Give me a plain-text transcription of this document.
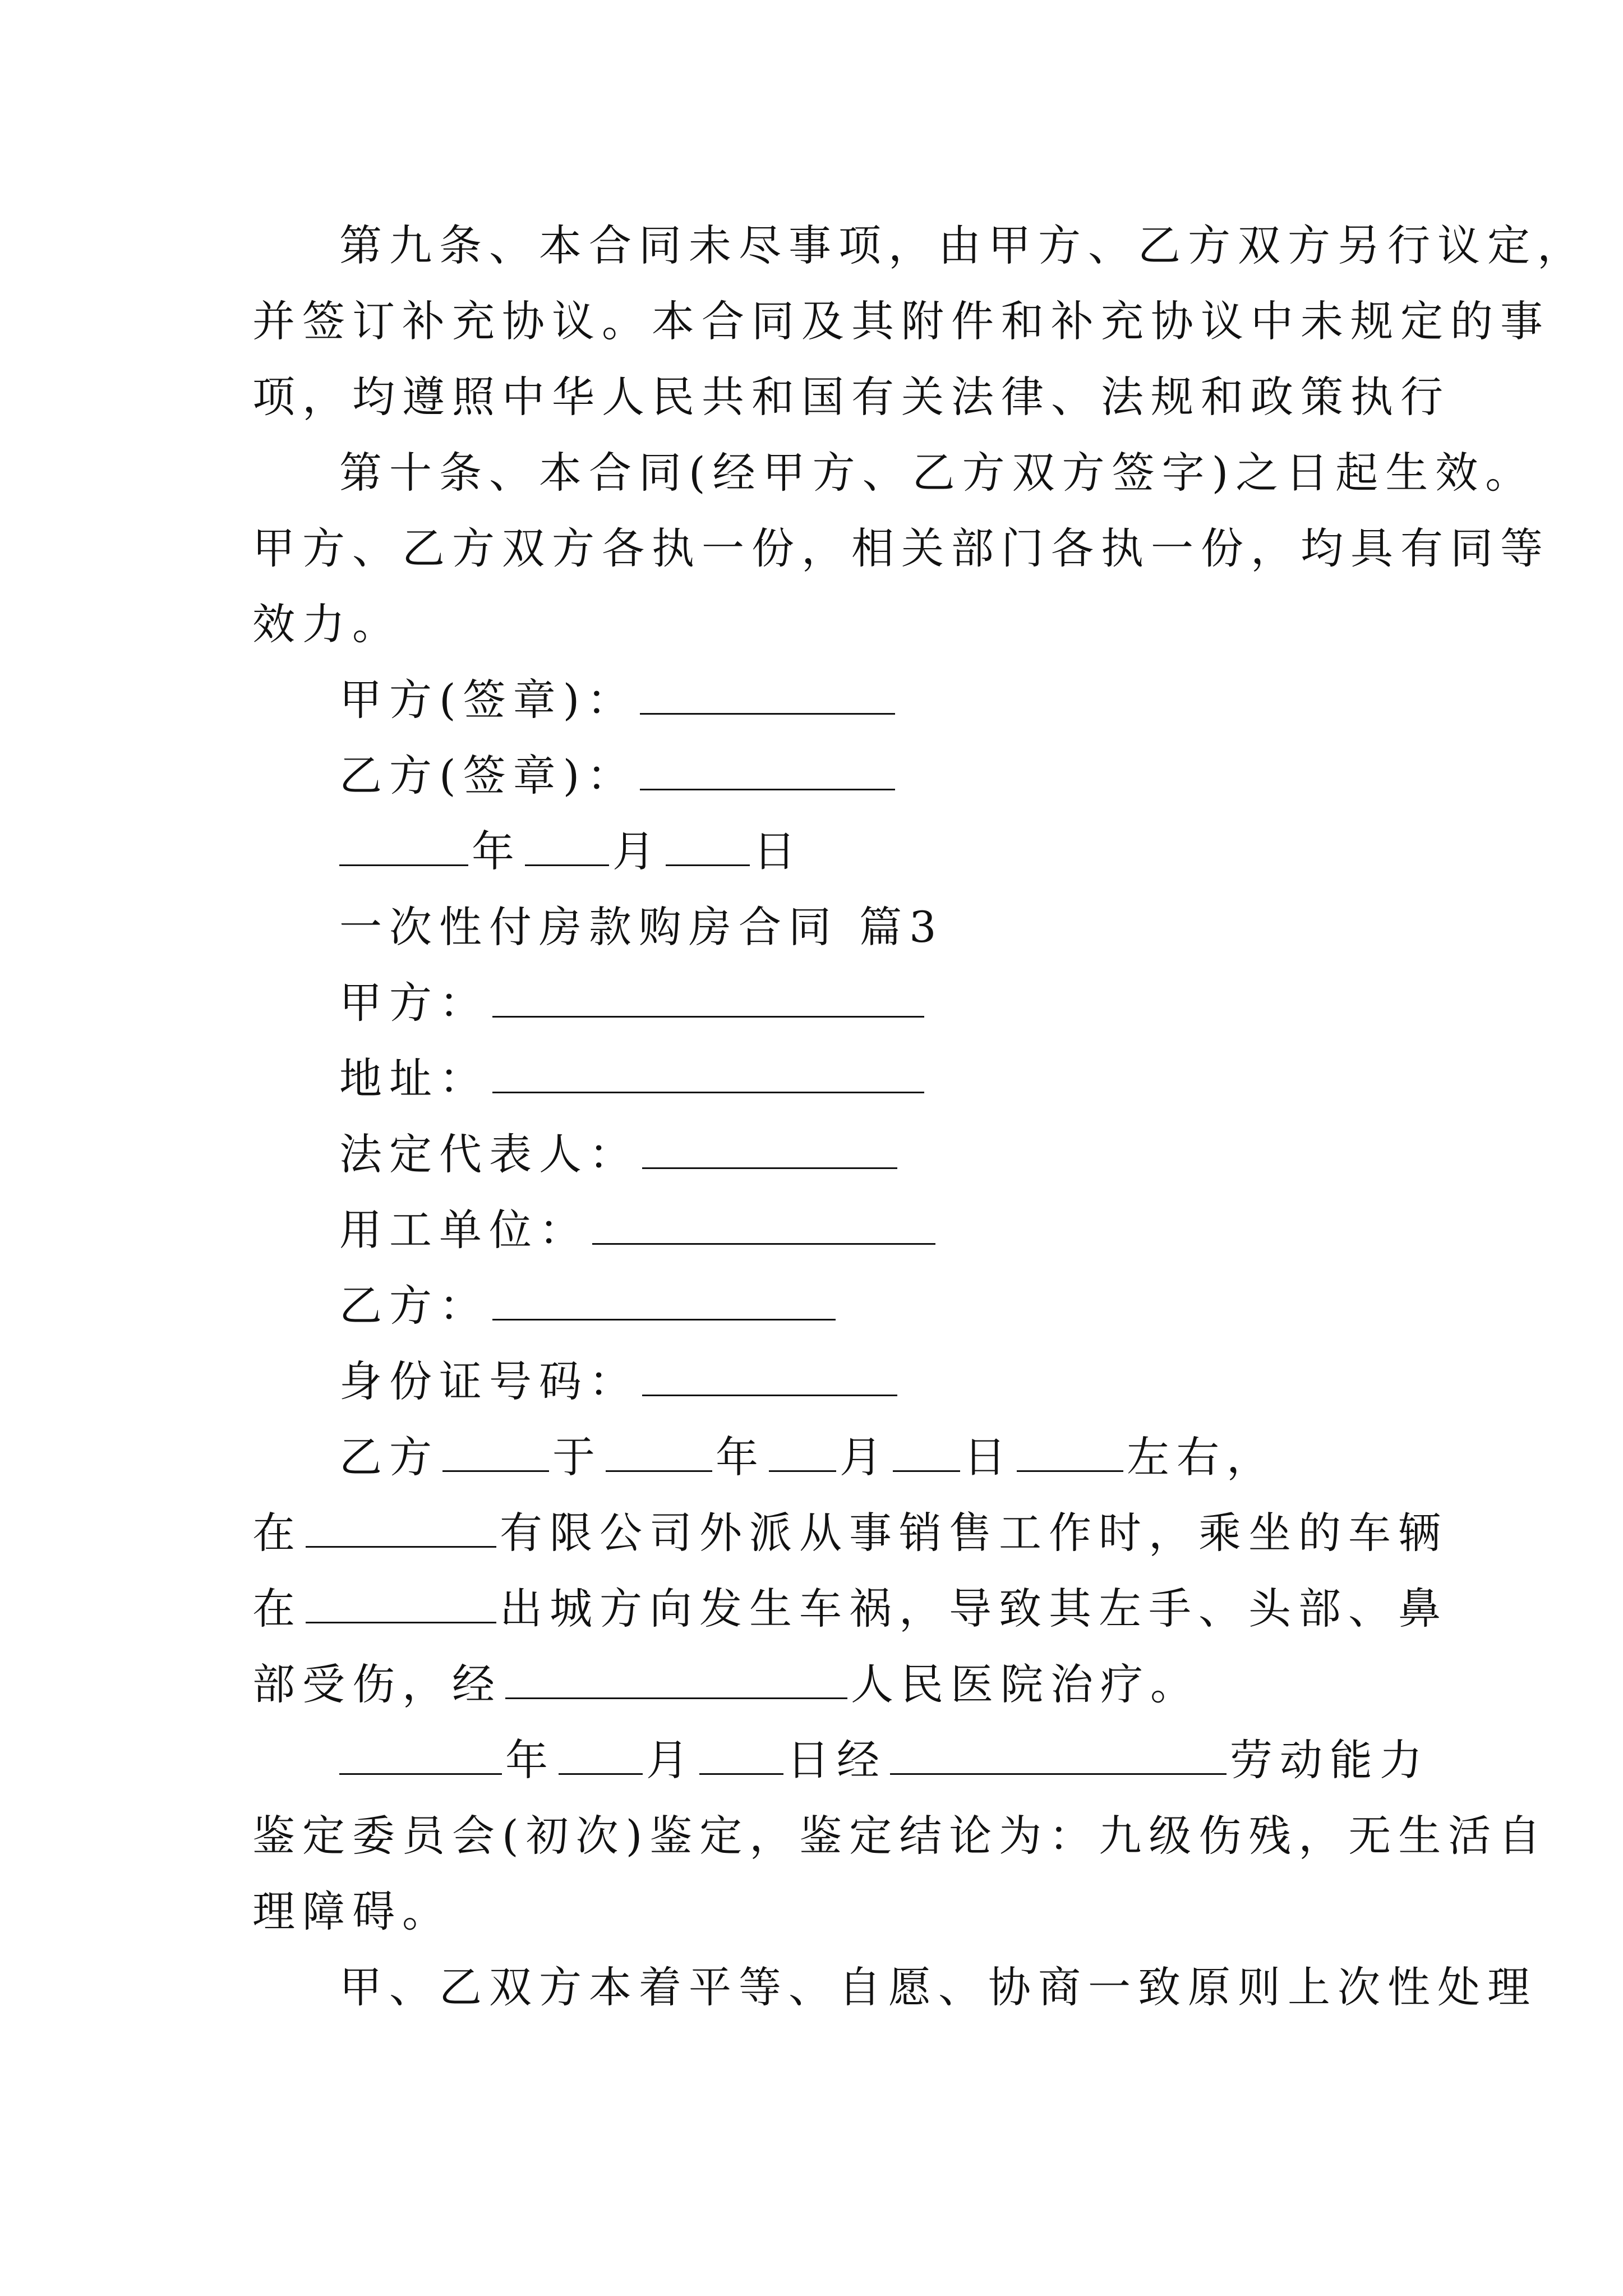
第九条、本合同未尽事项，由甲方、乙方双方另行议定，
并签订补充协议。本合同及其附件和补充协议中未规定的事
项，均遵照中华人民共和国有关法律、法规和政策执行
第十条、本合同(经甲方、乙方双方签字)之日起生效。
甲方、乙方双方各执一份，相关部门各执一份，均具有同等
效力。
甲方(签章)：
乙方(签章)：
年 月 日
一次性付房款购房合同 篇3
甲方：
地址：
法定代表人：
用工单位：
乙方：
身份证号码：
乙方	于	年 月 日	左右，
在	有限公司外派从事销售工作时，乘坐的车辆
在	出城方向发生车祸，导致其左手、头部、鼻
部受伤，经	人民医院治疗。
年 月 日经	劳动能力
鉴定委员会(初次)鉴定，鉴定结论为：九级伤残，无生活自
理障碍。
甲、乙双方本着平等、自愿、协商一致原则上次性处理
